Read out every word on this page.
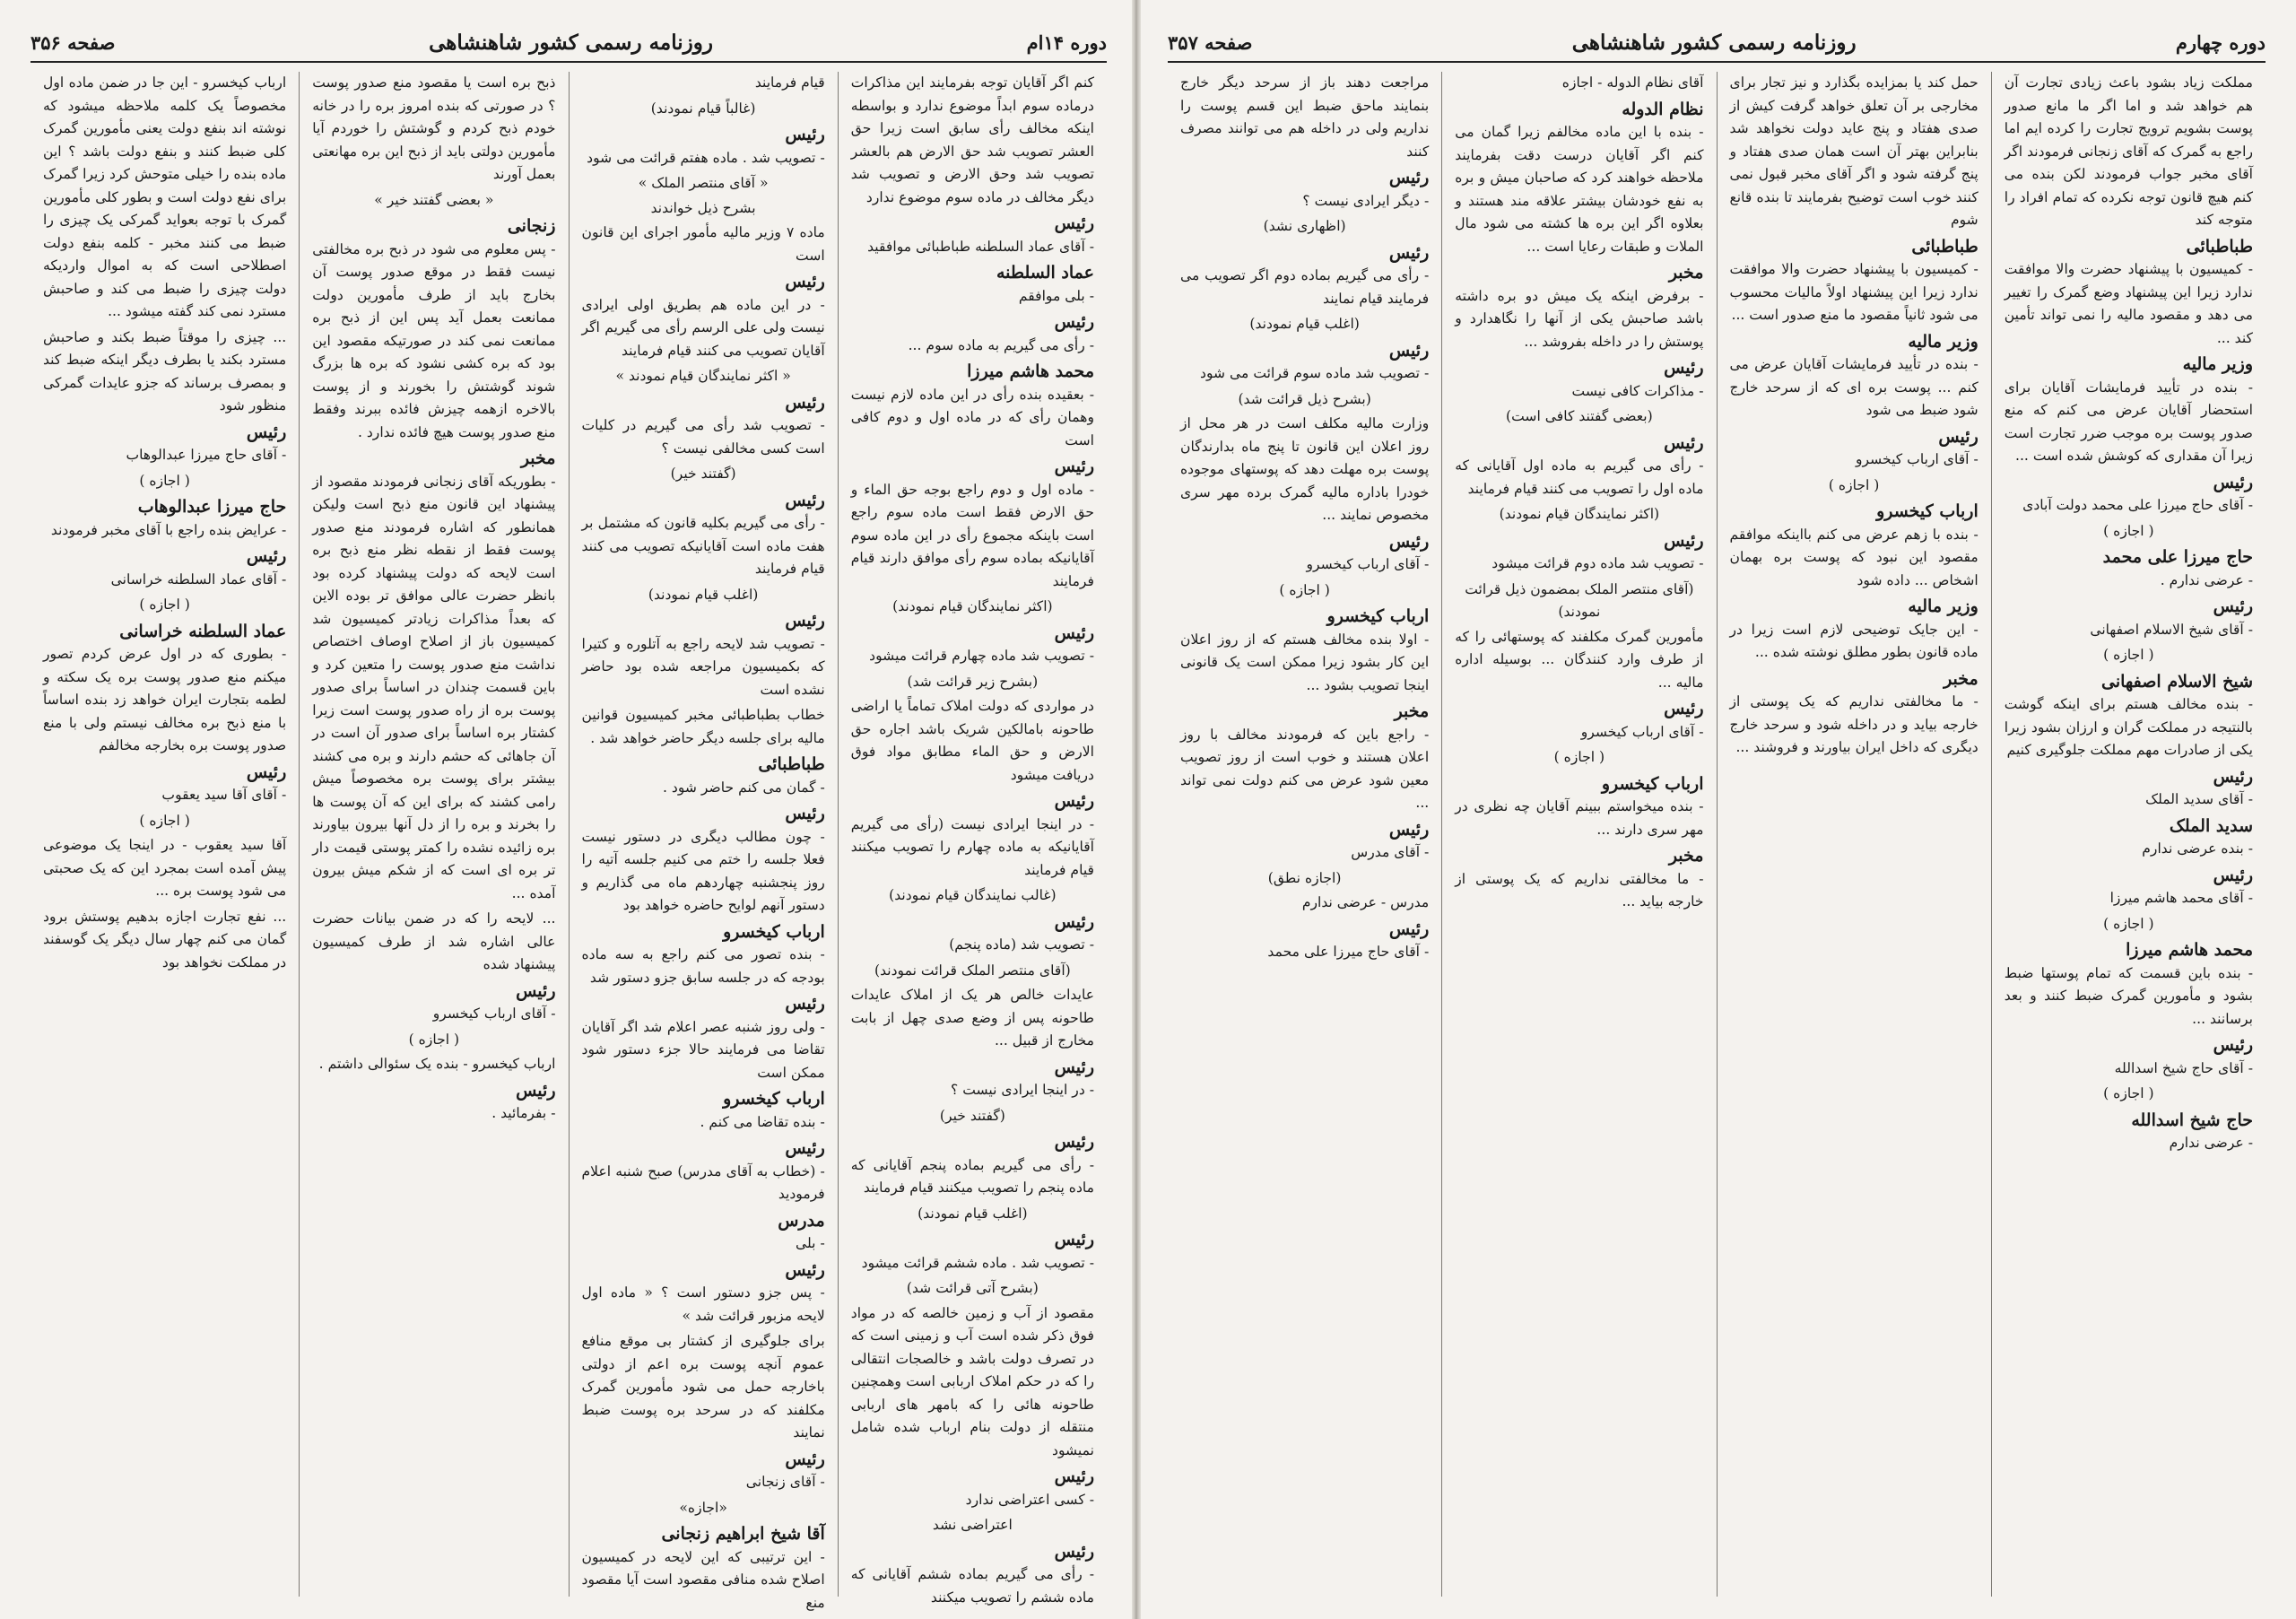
صفحه ۳۵۶	روزنامه رسمی کشور شاهنشاهی	دوره ۱۴ام

کنم اگر آقایان توجه بفرمایند این مذاکرات درماده سوم ابداً موضوع ندارد و بواسطه اینکه مخالف رأی سابق است زیرا حق العشر تصویب شد حق الارض هم بالعشر تصویب شد وحق الارض و تصویب شد دیگر مخالف در ماده سوم موضوع ندارد

رئیس

- آقای عماد السلطنه طباطبائی موافقید

عماد السلطنه

- بلی موافقم

رئیس

- رأی می گیریم به ماده سوم ...

محمد هاشم میرزا

- بعقیده بنده رأی در این ماده لازم نیست وهمان رأی که در ماده اول و دوم کافی است

رئیس

- ماده اول و دوم راجع بوجه حق الماء و حق الارض فقط است ماده سوم راجع است باینکه مجموع رأی در این ماده سوم آقایانیکه بماده سوم رأی موافق دارند قیام فرمایند

(اکثر نمایندگان قیام نمودند)
رئیس

- تصویب شد ماده چهارم قرائت میشود

(بشرح زیر قرائت شد)

در مواردی که دولت املاک تماماً یا اراضی طاحونه بامالکین شریک باشد اجاره حق الارض و حق الماء مطابق مواد فوق دریافت میشود

رئیس

- در اینجا ایرادی نیست (رأی می گیریم آقایانیکه به ماده چهارم را تصویب میکنند قیام فرمایند

(غالب نمایندگان قیام نمودند)
رئیس

- تصویب شد (ماده پنجم)

(آقای منتصر الملک قرائت نمودند)

عایدات خالص هر یک از املاک عایدات طاحونه پس از وضع صدی چهل از بابت مخارج از قبیل ...

رئیس

- در اینجا ایرادی نیست ؟

(گفتند خیر)
رئیس

- رأی می گیریم بماده پنجم آقایانی که ماده پنجم را تصویب میکنند قیام فرمایند

(اغلب قیام نمودند)
رئیس

- تصویب شد . ماده ششم قرائت میشود

(بشرح آتی قرائت شد)

مقصود از آب و زمین خالصه که در مواد فوق ذکر شده است آب و زمینی است که در تصرف دولت باشد و خالصجات انتقالی را که در حکم املاک اربابی است وهمچنین طاحونه هائی را که بامهر های اربابی منتقله از دولت بنام ارباب شده شامل نمیشود

رئیس

- کسی اعتراضی ندارد

اعتراضی نشد
رئیس

- رأی می گیریم بماده ششم آقایانی که ماده ششم را تصویب میکنند

قیام فرمایند

(غالباً قیام نمودند)
رئیس

- تصویب شد . ماده هفتم قرائت می شود

« آقای منتصر الملک »
بشرح ذیل خواندند

ماده ۷ وزیر مالیه مأمور اجرای این قانون است

رئیس

- در این ماده هم بطریق اولی ایرادی نیست ولی علی الرسم رأی می گیریم اگر آقایان تصویب می کنند قیام فرمایند

« اکثر نمایندگان قیام نمودند »
رئیس

- تصویب شد رأی می گیریم در کلیات است کسی مخالفی نیست ؟

(گفتند خیر)
رئیس

- رأی می گیریم بکلیه قانون که مشتمل بر هفت ماده است آقایانیکه تصویب می کنند قیام فرمایند

(اغلب قیام نمودند)
رئیس

- تصویب شد لایحه راجع به آتلوره و کتیرا که بکمیسیون مراجعه شده بود حاضر نشده است

خطاب بطباطبائی مخبر کمیسیون قوانین مالیه برای جلسه دیگر حاضر خواهد شد .

طباطبائی

- گمان می کنم حاضر شود .

رئیس

- چون مطالب دیگری در دستور نیست فعلا جلسه را ختم می کنیم جلسه آتیه را روز پنجشنبه چهاردهم ماه می گذاریم و دستور آنهم لوایح حاضره خواهد بود

ارباب کیخسرو

- بنده تصور می کنم راجع به سه ماده بودجه که در جلسه سابق جزو دستور شد

رئیس

- ولی روز شنبه عصر اعلام شد اگر آقایان تقاضا می فرمایند حالا جزء دستور شود ممکن است

ارباب کیخسرو

- بنده تقاضا می کنم .

رئیس

- (خطاب به آقای مدرس) صبح شنبه اعلام فرمودید

مدرس

- بلی

رئیس

- پس جزو دستور است ؟ « ماده اول لایحه مزبور قرائت شد »

برای جلوگیری از کشتار بی موقع منافع عموم آنچه پوست بره اعم از دولتی باخارجه حمل می شود مأمورین گمرک مکلفند که در سرحد بره پوست ضبط نمایند

رئیس

- آقای زنجانی

«اجازه»
آقا شیخ ابراهیم زنجانی

- این ترتیبی که این لایحه در کمیسیون اصلاح شده منافی مقصود است آیا مقصود منع

ذبح بره است یا مقصود منع صدور پوست ؟ در صورتی که بنده امروز بره را در خانه خودم ذبح کردم و گوشتش را خوردم آیا مأمورین دولتی باید از ذبح این بره مهانعتی بعمل آورند

« بعضی گفتند خیر »
زنجانی

- پس معلوم می شود در ذبح بره مخالفتی نیست فقط در موقع صدور پوست آن بخارج باید از طرف مأمورین دولت ممانعت بعمل آید پس این از ذبح بره ممانعت نمی کند در صورتیکه مقصود این بود که بره کشی نشود که بره ها بزرگ شوند گوشتش را بخورند و از پوست بالاخره ازهمه چیزش فائده ببرند وفقط منع صدور پوست هیچ فائده ندارد .

مخبر

- بطوریکه آقای زنجانی فرمودند مقصود از پیشنهاد این قانون منع ذبح است ولیکن همانطور که اشاره فرمودند منع صدور پوست فقط از نقطه نظر منع ذبح بره است لایحه که دولت پیشنهاد کرده بود بانظر حضرت عالی موافق تر بوده الاین که بعداً مذاکرات زیادتر کمیسیون شد کمیسیون باز از اصلاح اوصاف اختصاص نداشت منع صدور پوست را متعین کرد و باین قسمت چندان در اساساً برای صدور پوست بره از راه صدور پوست است زیرا کشتار بره اساساً برای صدور آن است در آن جاهائی که حشم دارند و بره می کشند بیشتر برای پوست بره مخصوصاً میش رامی کشند که برای این که آن پوست ها را بخرند و بره را از دل آنها بیرون بیاورند بره زائیده نشده را کمتر پوستی قیمت دار تر بره ای است که از شکم میش بیرون آمده ...

... لایحه را که در ضمن بیانات حضرت عالی اشاره شد از طرف کمیسیون پیشنهاد شده

رئیس

- آقای ارباب کیخسرو

( اجازه )

ارباب کیخسرو - بنده یک سئوالی داشتم .

رئیس

- بفرمائید .

ارباب کیخسرو - این جا در ضمن ماده اول مخصوصاً یک کلمه ملاحظه میشود که نوشته اند بنفع دولت یعنی مأمورین گمرک کلی ضبط کنند و بنفع دولت باشد ؟ این ماده بنده را خیلی متوحش کرد زیرا گمرک برای نفع دولت است و بطور کلی مأمورین گمرک با توجه بعواید گمرکی یک چیزی را ضبط می کنند مخبر - کلمه بنفع دولت اصطلاحی است که به اموال واردیکه دولت چیزی را ضبط می کند و صاحبش مسترد نمی کند گفته میشود ...

... چیزی را موقتاً ضبط بکند و صاحبش مسترد بکند یا بطرف دیگر اینکه ضبط کند و بمصرف برساند که جزو عایدات گمرکی منظور شود

رئیس

- آقای حاج میرزا عبدالوهاب

( اجازه )
حاج میرزا عبدالوهاب

- عرایض بنده راجع با آقای مخبر فرمودند

رئیس

- آقای عماد السلطنه خراسانی

( اجازه )
عماد السلطنه خراسانی

- بطوری که در اول عرض کردم تصور میکنم منع صدور پوست بره یک سکته و لطمه بتجارت ایران خواهد زد بنده اساساً با منع ذبح بره مخالف نیستم ولی با منع صدور پوست بره بخارجه مخالفم

رئیس

- آقای آقا سید یعقوب

( اجازه )

آقا سید یعقوب - در اینجا یک موضوعی پیش آمده است بمجرد این که یک صحبتی می شود پوست بره ...

... نفع تجارت اجازه بدهیم پوستش برود گمان می کنم چهار سال دیگر یک گوسفند در مملکت نخواهد بود

صفحه ۳۵۷	روزنامه رسمی کشور شاهنشاهی	دوره چهارم

مملکت زیاد بشود باعث زیادی تجارت آن هم خواهد شد و اما اگر ما مانع صدور پوست بشویم ترویج تجارت را کرده ایم اما راجع به گمرک که آقای زنجانی فرمودند اگر آقای مخبر جواب فرمودند لکن بنده می کنم هیچ قانون توجه نکرده که تمام افراد را متوجه کند

طباطبائی

- کمیسیون با پیشنهاد حضرت والا موافقت ندارد زیرا این پیشنهاد وضع گمرک را تغییر می دهد و مقصود مالیه را نمی تواند تأمین کند ...

وزیر مالیه

- بنده در تأیید فرمایشات آقایان برای استحضار آقایان عرض می کنم که منع صدور پوست بره موجب ضرر تجارت است زیرا آن مقداری که کوشش شده است ...

رئیس

- آقای حاج میرزا علی محمد دولت آبادی

( اجازه )
حاج میرزا علی محمد

- عرضی ندارم .

رئیس

- آقای شیخ الاسلام اصفهانی

( اجازه )
شیخ الاسلام اصفهانی

- بنده مخالف هستم برای اینکه گوشت بالنتیجه در مملکت گران و ارزان بشود زیرا یکی از صادرات مهم مملکت جلوگیری کنیم

رئیس

- آقای سدید الملک

سدید الملک

- بنده عرضی ندارم

رئیس

- آقای محمد هاشم میرزا

( اجازه )
محمد هاشم میرزا

- بنده باین قسمت که تمام پوستها ضبط بشود و مأمورین گمرک ضبط کنند و بعد برسانند ...

رئیس

- آقای حاج شیخ اسدالله

( اجازه )
حاج شیخ اسدالله

- عرضی ندارم

حمل کند یا بمزایده بگذارد و نیز تجار برای مخارجی بر آن تعلق خواهد گرفت کیش از صدی هفتاد و پنج عاید دولت نخواهد شد بنابراین بهتر آن است همان صدی هفتاد و پنج گرفته شود و اگر آقای مخبر قبول نمی کنند خوب است توضیح بفرمایند تا بنده قانع شوم

طباطبائی

- کمیسیون با پیشنهاد حضرت والا موافقت ندارد زیرا این پیشنهاد اولاً مالیات محسوب می شود ثانیاً مقصود ما منع صدور است ...

وزیر مالیه

- بنده در تأیید فرمایشات آقایان عرض می کنم ... پوست بره ای که از سرحد خارج شود ضبط می شود

رئیس

- آقای ارباب کیخسرو

( اجازه )
ارباب کیخسرو

- بنده با زهم عرض می کنم بااینکه موافقم مقصود این نبود که پوست بره بهمان اشخاص ... داده شود

وزیر مالیه

- این جایک توضیحی لازم است زیرا در ماده قانون بطور مطلق نوشته شده ...

مخبر

- ما مخالفتی نداریم که یک پوستی از خارجه بیاید و در داخله شود و سرحد خارج دیگری که داخل ایران بیاورند و فروشند ...

آقای نظام الدوله - اجازه

نظام الدوله

- بنده با این ماده مخالفم زیرا گمان می کنم اگر آقایان درست دقت بفرمایند ملاحظه خواهند کرد که صاحبان میش و بره به نفع خودشان بیشتر علاقه مند هستند و بعلاوه اگر این بره ها کشته می شود مال الملات و طبقات رعایا است ...

مخبر

- برفرض اینکه یک میش دو بره داشته باشد صاحبش یکی از آنها را نگاهدارد و پوستش را در داخله بفروشد ...

رئیس

- مذاکرات کافی نیست

(بعضی گفتند کافی است)
رئیس

- رأی می گیریم به ماده اول آقایانی که ماده اول را تصویب می کنند قیام فرمایند

(اکثر نمایندگان قیام نمودند)
رئیس

- تصویب شد ماده دوم قرائت میشود

(آقای منتصر الملک بمضمون ذیل قرائت نمودند)

مأمورین گمرک مکلفند که پوستهائی را که از طرف وارد کنندگان ... بوسیله اداره مالیه ...

رئیس

- آقای ارباب کیخسرو

( اجازه )
ارباب کیخسرو

- بنده میخواستم ببینم آقایان چه نظری در مهر سری دارند ...

مخبر

- ما مخالفتی نداریم که یک پوستی از خارجه بیاید ...

مراجعت دهند باز از سرحد دیگر خارج بنمایند ماحق ضبط این قسم پوست را نداریم ولی در داخله هم می توانند مصرف کنند

رئیس

- دیگر ایرادی نیست ؟

(اظهاری نشد)
رئیس

- رأی می گیریم بماده دوم اگر تصویب می فرمایند قیام نمایند

(اغلب قیام نمودند)
رئیس

- تصویب شد ماده سوم قرائت می شود

(بشرح ذیل قرائت شد)

وزارت مالیه مکلف است در هر محل از روز اعلان این قانون تا پنج ماه بدارندگان پوست بره مهلت دهد که پوستهای موجوده خودرا باداره مالیه گمرک برده مهر سری مخصوص نمایند ...

رئیس

- آقای ارباب کیخسرو

( اجازه )
ارباب کیخسرو

- اولا بنده مخالف هستم که از روز اعلان این کار بشود زیرا ممکن است یک قانونی اینجا تصویب بشود ...

مخبر

- راجع باین که فرمودند مخالف با روز اعلان هستند و خوب است از روز تصویب معین شود عرض می کنم دولت نمی تواند ...

رئیس

- آقای مدرس

(اجازه نطق)

مدرس - عرضی ندارم

رئیس

- آقای حاج میرزا علی محمد
